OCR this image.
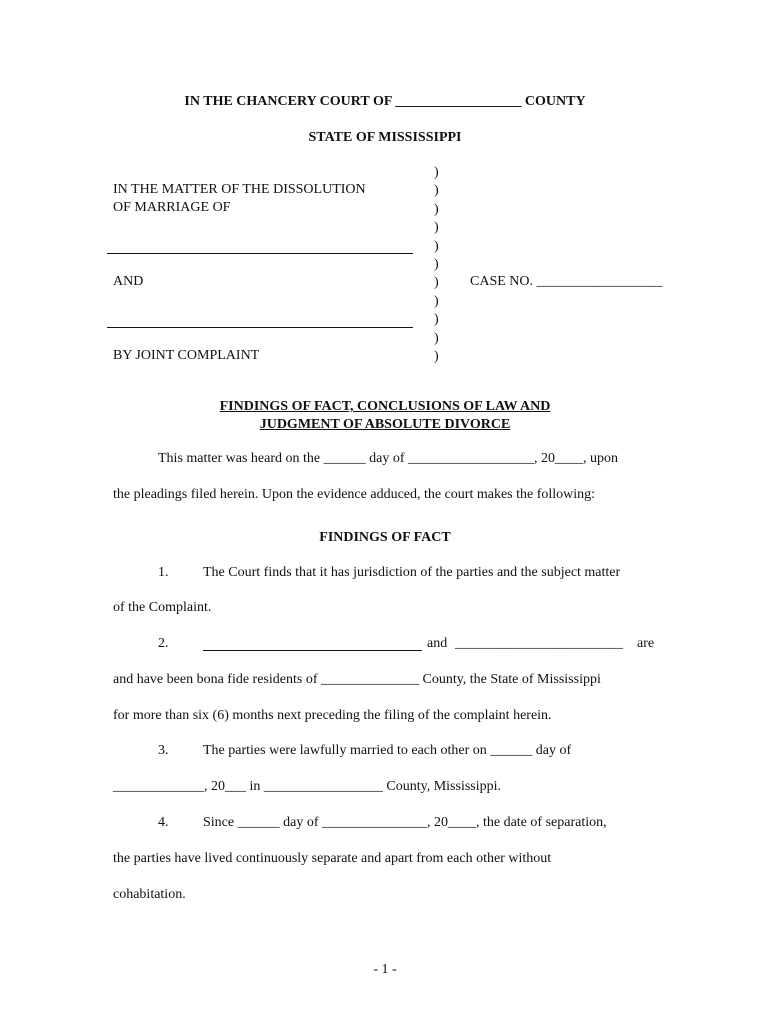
IN THE CHANCERY COURT OF __________________ COUNTY
STATE OF MISSISSIPPI
IN THE MATTER OF THE DISSOLUTION
OF MARRIAGE OF
AND
BY JOINT COMPLAINT
)
)
)
)
)
)
)
)
)
)
)
CASE NO. __________________
FINDINGS OF FACT, CONCLUSIONS OF LAW AND
JUDGMENT OF ABSOLUTE DIVORCE
This matter was heard on the ______ day of __________________, 20____, upon
the pleadings filed herein. Upon the evidence adduced, the court makes the following:
FINDINGS OF FACT
1. The Court finds that it has jurisdiction of the parties and the subject matter
of the Complaint.
2.	and ________________________ are
and have been bona fide residents of ______________ County, the State of Mississippi
for more than six (6) months next preceding the filing of the complaint herein.
3. The parties were lawfully married to each other on ______ day of
_____________, 20___ in _________________ County, Mississippi.
4. Since ______ day of _______________, 20____, the date of separation,
the parties have lived continuously separate and apart from each other without
cohabitation.
- 1 -
